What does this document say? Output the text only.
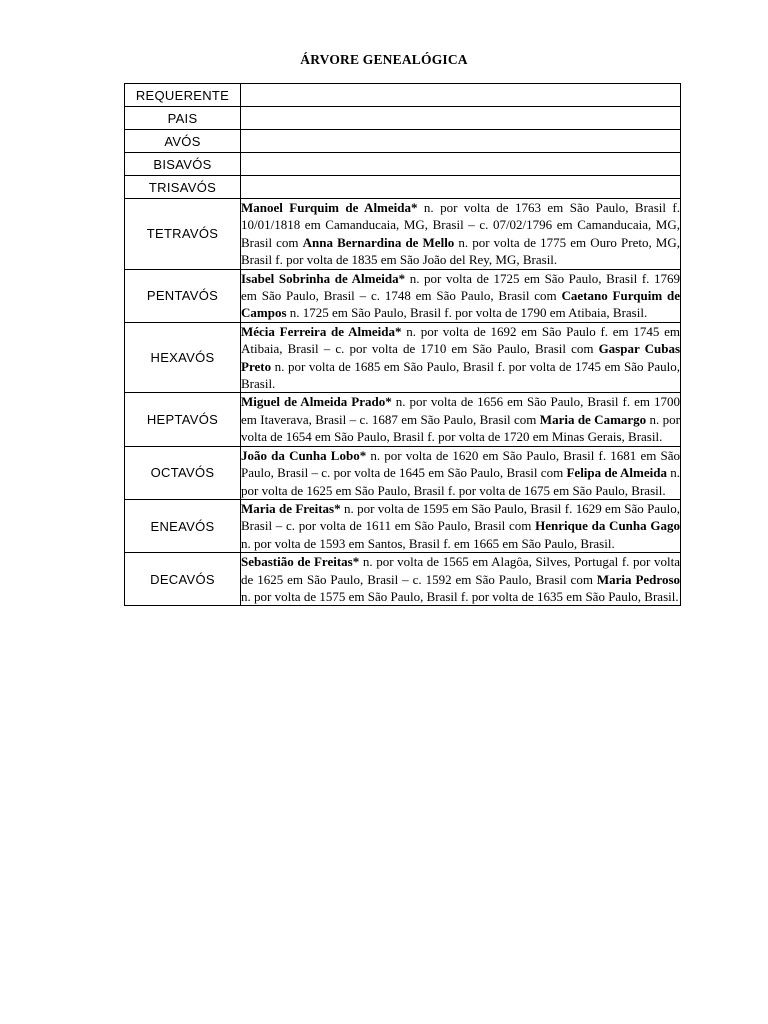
ÁRVORE GENEALÓGICA
REQUERENTE	
PAIS	
AVÓS	
BISAVÓS	
TRISAVÓS	
TETRAVÓS	Manoel Furquim de Almeida* n. por volta de 1763 em São Paulo, Brasil f. 10/01/1818 em Camanducaia, MG, Brasil – c. 07/02/1796 em Camanducaia, MG, Brasil com Anna Bernardina de Mello n. por volta de 1775 em Ouro Preto, MG, Brasil f. por volta de 1835 em São João del Rey, MG, Brasil.
PENTAVÓS	Isabel Sobrinha de Almeida* n. por volta de 1725 em São Paulo, Brasil f. 1769 em São Paulo, Brasil – c. 1748 em São Paulo, Brasil com Caetano Furquim de Campos n. 1725 em São Paulo, Brasil f. por volta de 1790 em Atibaia, Brasil.
HEXAVÓS	Mécia Ferreira de Almeida* n. por volta de 1692 em São Paulo f. em 1745 em Atibaia, Brasil – c. por volta de 1710 em São Paulo, Brasil com Gaspar Cubas Preto n. por volta de 1685 em São Paulo, Brasil f. por volta de 1745 em São Paulo, Brasil.
HEPTAVÓS	Miguel de Almeida Prado* n. por volta de 1656 em São Paulo, Brasil f. em 1700 em Itaverava, Brasil – c. 1687 em São Paulo, Brasil com Maria de Camargo n. por volta de 1654 em São Paulo, Brasil f. por volta de 1720 em Minas Gerais, Brasil.
OCTAVÓS	João da Cunha Lobo* n. por volta de 1620 em São Paulo, Brasil f. 1681 em São Paulo, Brasil – c. por volta de 1645 em São Paulo, Brasil com Felipa de Almeida n. por volta de 1625 em São Paulo, Brasil f. por volta de 1675 em São Paulo, Brasil.
ENEAVÓS	Maria de Freitas* n. por volta de 1595 em São Paulo, Brasil f. 1629 em São Paulo, Brasil – c. por volta de 1611 em São Paulo, Brasil com Henrique da Cunha Gago n. por volta de 1593 em Santos, Brasil f. em 1665 em São Paulo, Brasil.
DECAVÓS	Sebastião de Freitas* n. por volta de 1565 em Alagôa, Silves, Portugal f. por volta de 1625 em São Paulo, Brasil – c. 1592 em São Paulo, Brasil com Maria Pedroso n. por volta de 1575 em São Paulo, Brasil f. por volta de 1635 em São Paulo, Brasil.
